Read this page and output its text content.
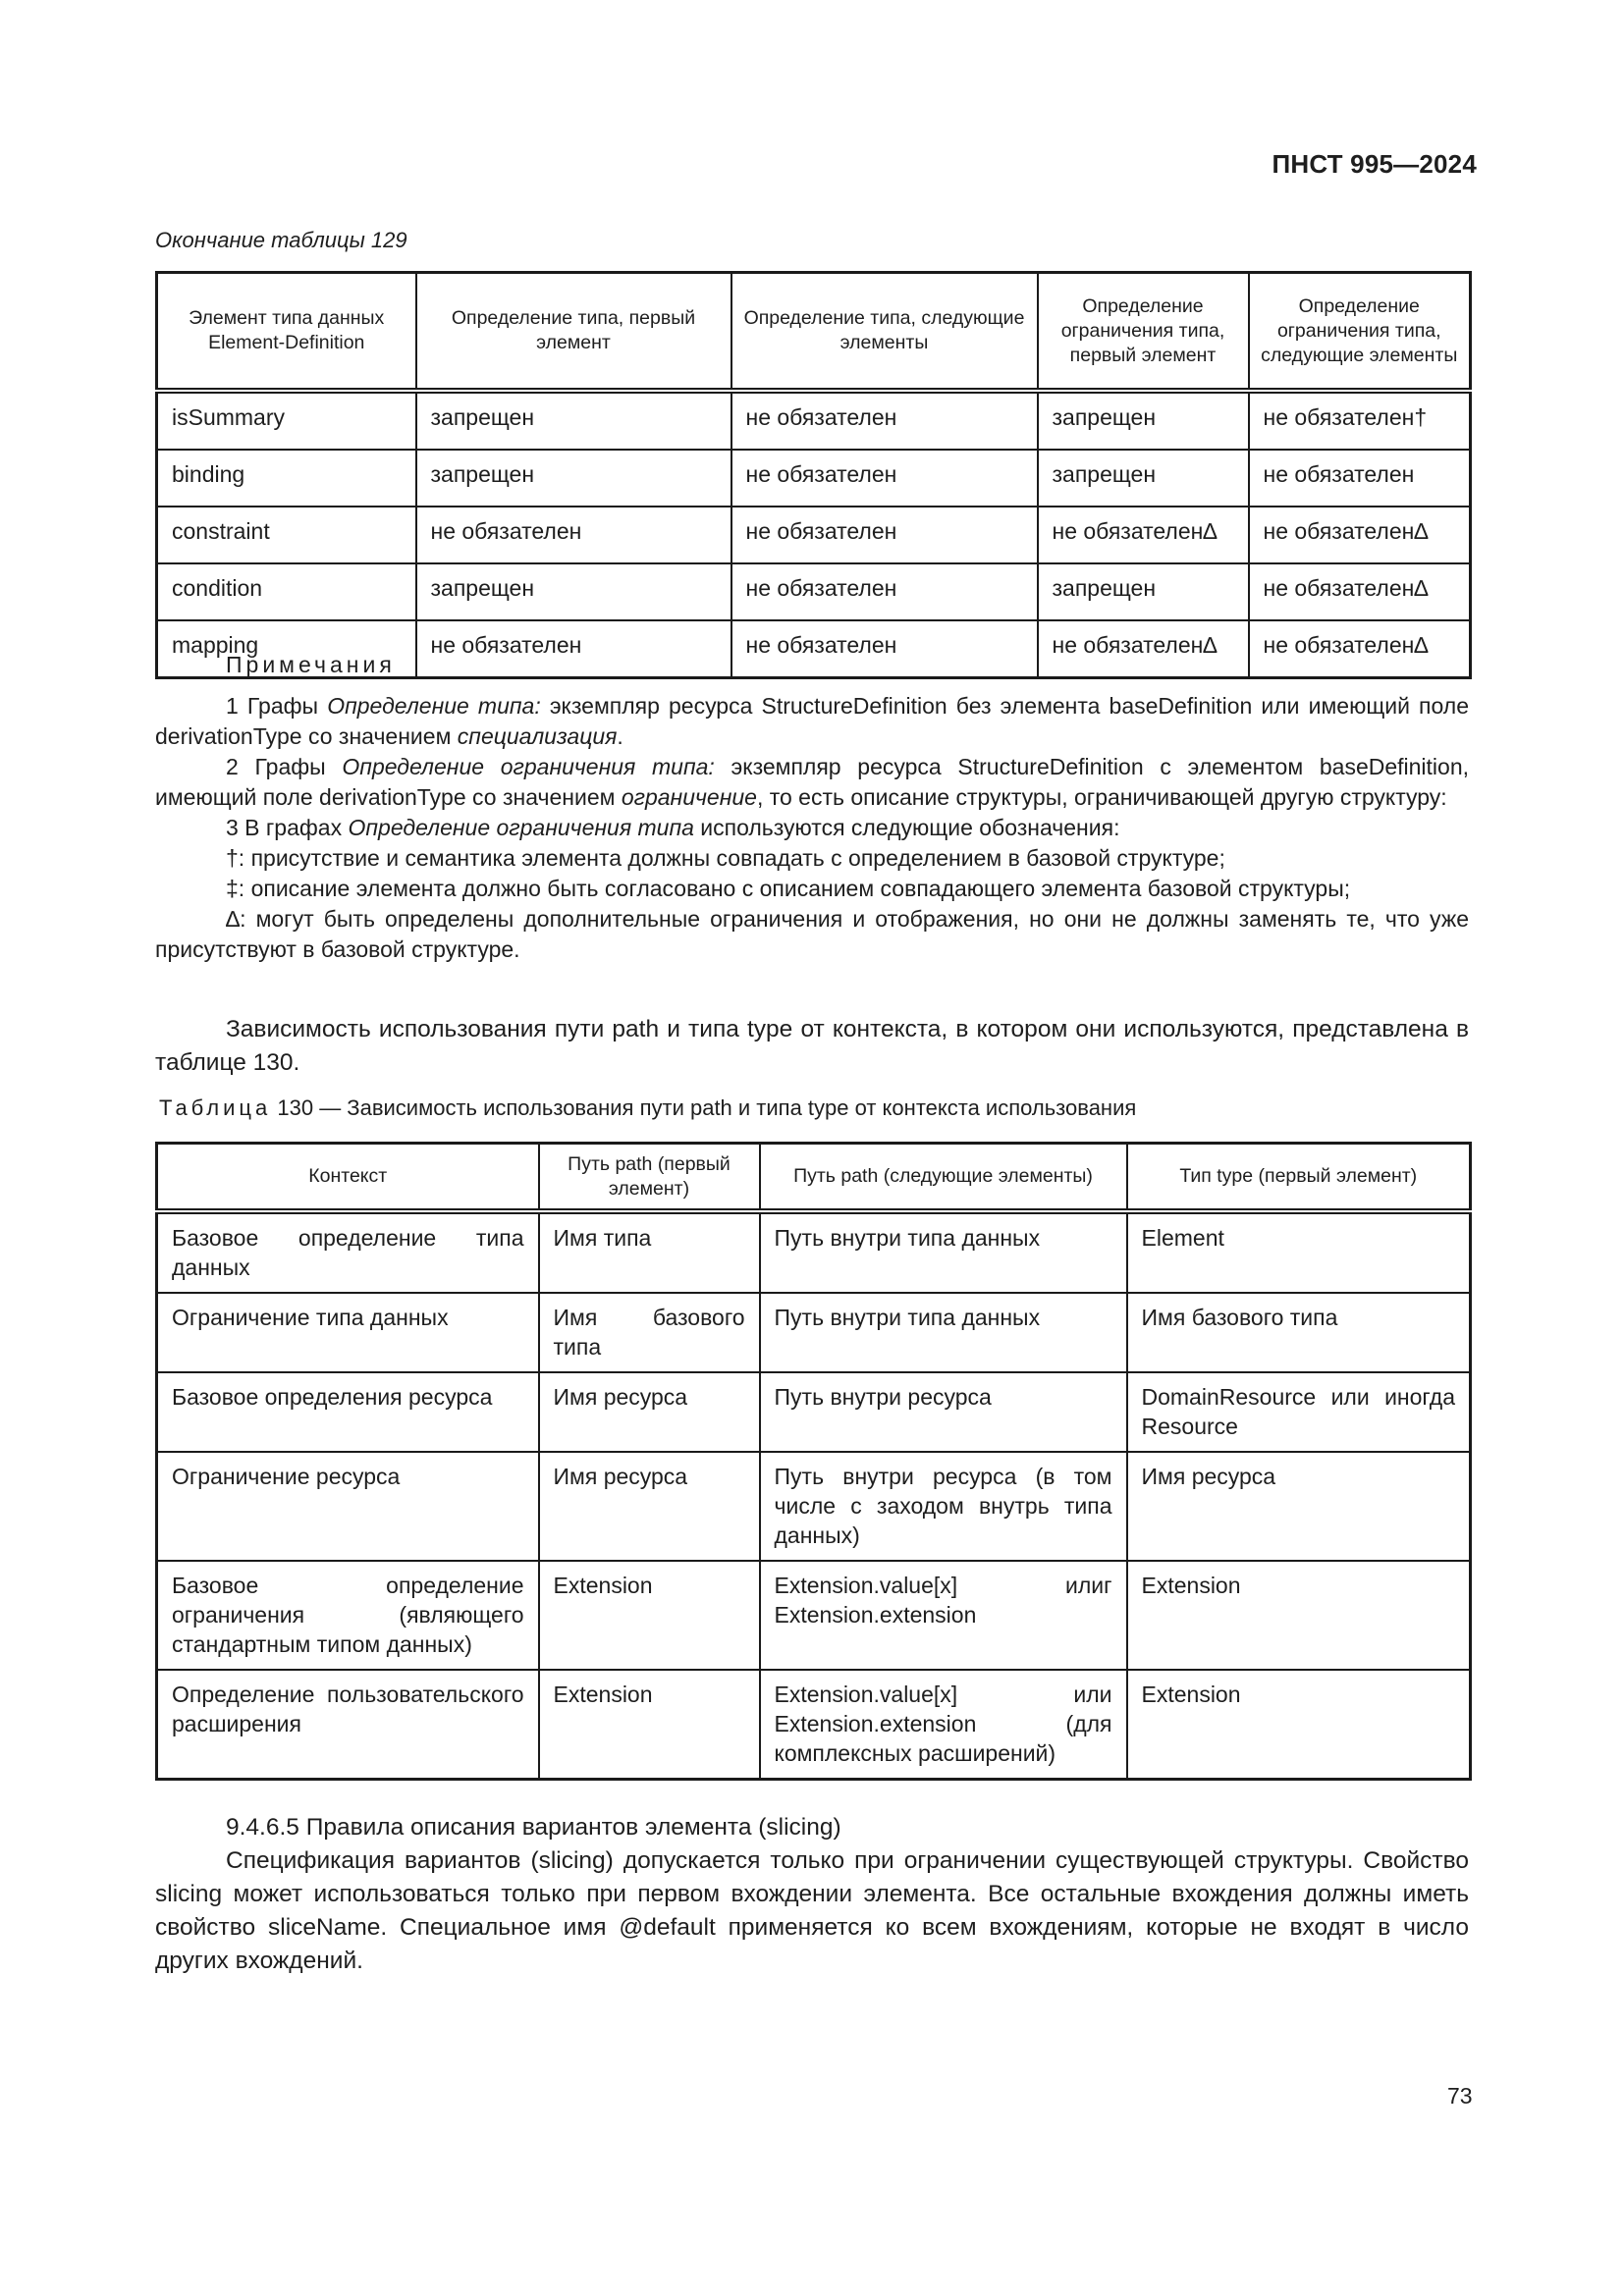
ПНСТ 995—2024
Окончание таблицы 129
Элемент типа данных Element-Definition	Определение типа, первый элемент	Определение типа, следующие элементы	Определение ограничения типа, первый элемент	Определение ограничения типа, следующие элементы
isSummary	запрещен	не обязателен	запрещен	не обязателен†
binding	запрещен	не обязателен	запрещен	не обязателен
constraint	не обязателен	не обязателен	не обязателен∆	не обязателен∆
condition	запрещен	не обязателен	запрещен	не обязателен∆
mapping	не обязателен	не обязателен	не обязателен∆	не обязателен∆
Примечания
1 Графы Определение типа: экземпляр ресурса StructureDefinition без элемента baseDefinition или имеющий поле derivationType со значением специализация.
2 Графы Определение ограничения типа: экземпляр ресурса StructureDefinition с элементом baseDefinition, имеющий поле derivationType со значением ограничение, то есть описание структуры, ограничивающей другую структуру:
3 В графах Определение ограничения типа используются следующие обозначения:
†: присутствие и семантика элемента должны совпадать с определением в базовой структуре;
‡: описание элемента должно быть согласовано с описанием совпадающего элемента базовой структуры;
∆: могут быть определены дополнительные ограничения и отображения, но они не должны заменять те, что уже присутствуют в базовой структуре.
Зависимость использования пути path и типа type от контекста, в котором они используются, представлена в таблице 130.
Таблица 130 — Зависимость использования пути path и типа type от контекста использования
Контекст	Путь path (первый элемент)	Путь path (следующие элементы)	Тип type (первый элемент)
Базовое определение типа данных	Имя типа	Путь внутри типа данных	Element
Ограничение типа данных	Имя базового типа	Путь внутри типа данных	Имя базового типа
Базовое определения ресурса	Имя ресурса	Путь внутри ресурса	DomainResource или иногда Resource
Ограничение ресурса	Имя ресурса	Путь внутри ресурса (в том числе с заходом внутрь типа данных)	Имя ресурса
Базовое определение ограничения (являющего стандартным типом данных)	Extension	Extension.value[x] илиг Extension.extension	Extension
Определение пользовательского расширения	Extension	Extension.value[x] или Extension.extension (для комплексных расширений)	Extension
9.4.6.5 Правила описания вариантов элемента (slicing)
Спецификация вариантов (slicing) допускается только при ограничении существующей структуры. Свойство slicing может использоваться только при первом вхождении элемента. Все остальные вхождения должны иметь свойство sliceName. Специальное имя @default применяется ко всем вхождениям, которые не входят в число других вхождений.
73
